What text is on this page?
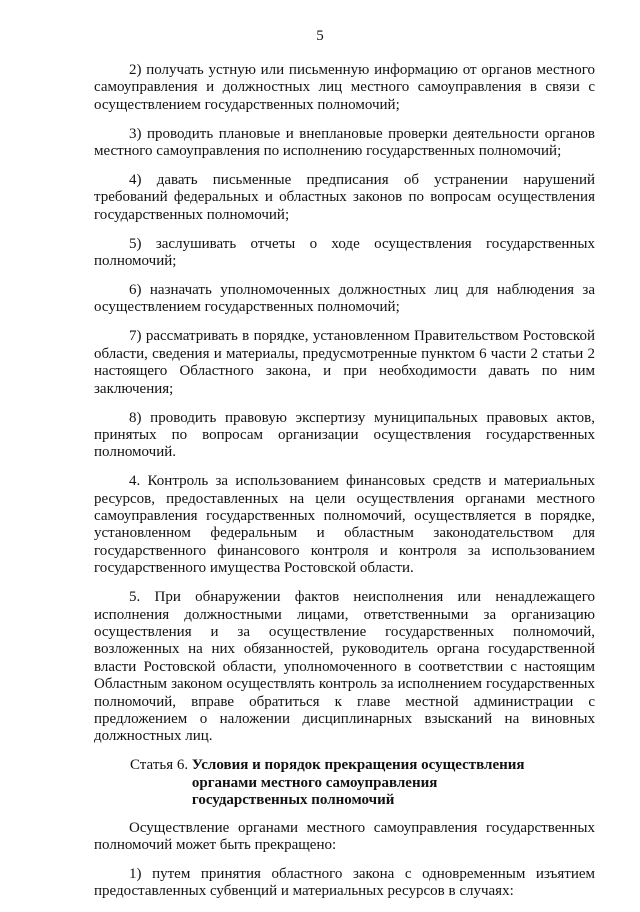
5

2) получать устную или письменную информацию от органов местного самоуправления и должностных лиц местного самоуправления в связи с осуществлением государственных полномочий;

3) проводить плановые и внеплановые проверки деятельности органов местного самоуправления по исполнению государственных полномочий;

4) давать письменные предписания об устранении нарушений требований федеральных и областных законов по вопросам осуществления государственных полномочий;

5) заслушивать отчеты о ходе осуществления государственных полномочий;

6) назначать уполномоченных должностных лиц для наблюдения за осуществлением государственных полномочий;

7) рассматривать в порядке, установленном Правительством Ростовской области, сведения и материалы, предусмотренные пунктом 6 части 2 статьи 2 настоящего Областного закона, и при необходимости давать по ним заключения;

8) проводить правовую экспертизу муниципальных правовых актов, принятых по вопросам организации осуществления государственных полномочий.

4. Контроль за использованием финансовых средств и материальных ресурсов, предоставленных на цели осуществления органами местного самоуправления государственных полномочий, осуществляется в порядке, установленном федеральным и областным законодательством для государственного финансового контроля и контроля за использованием государственного имущества Ростовской области.

5. При обнаружении фактов неисполнения или ненадлежащего исполнения должностными лицами, ответственными за организацию осуществления и за осуществление государственных полномочий, возложенных на них обязанностей, руководитель органа государственной власти Ростовской области, уполномоченного в соответствии с настоящим Областным законом осуществлять контроль за исполнением государственных полномочий, вправе обратиться к главе местной администрации с предложением о наложении дисциплинарных взысканий на виновных должностных лиц.

Статья 6. Условия и порядок прекращения осуществления органами местного самоуправления государственных полномочий

Осуществление органами местного самоуправления государственных полномочий может быть прекращено:

1) путем принятия областного закона с одновременным изъятием предоставленных субвенций и материальных ресурсов в случаях:
